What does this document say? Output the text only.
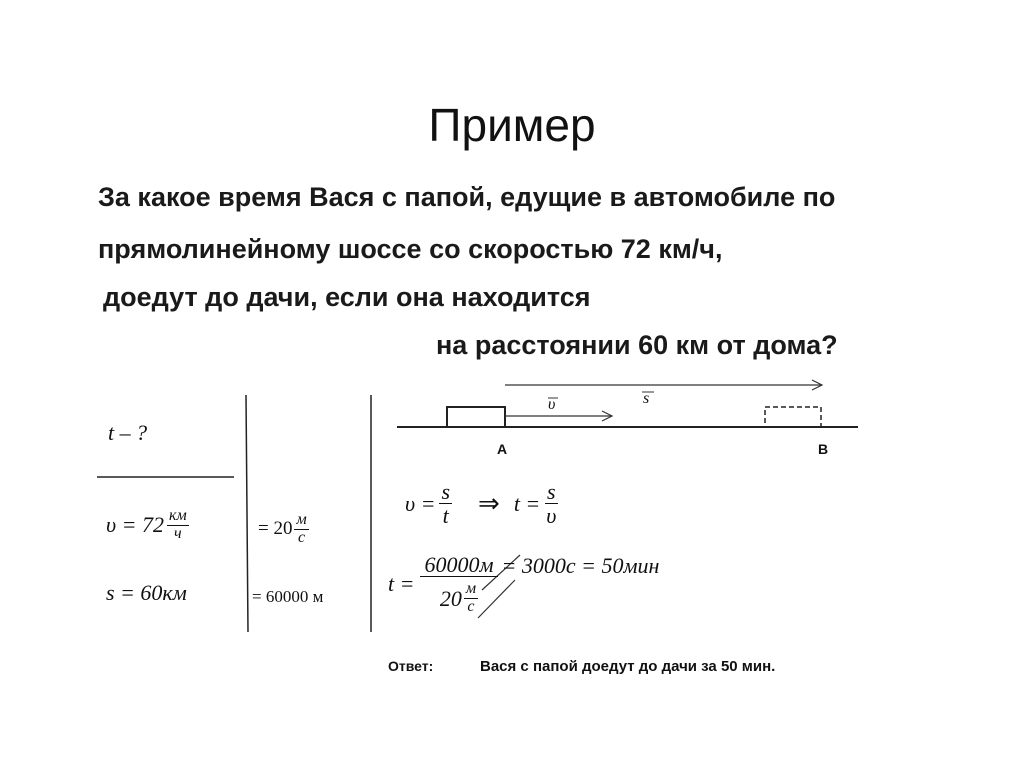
Пример
За какое время Вася с папой, едущие в автомобиле по
прямолинейному шоссе со скоростью 72 км/ч,
доедут до дачи, если она находится
на расстоянии 60 км от дома?
υ	s
A	B
t – ?
$\upsilon = 72 \frac{км}{ч}$
s = 60км
= $20 \frac{м}{с}$
= 60000 м
$\upsilon = \frac{s}{t}$ ⇒ $t = \frac{s}{\upsilon}$
$t = \frac{60000м}{20 \frac{м}{с}} = 3000с = 50мин$
Ответ:	Вася с папой доедут до дачи за 50 мин.
